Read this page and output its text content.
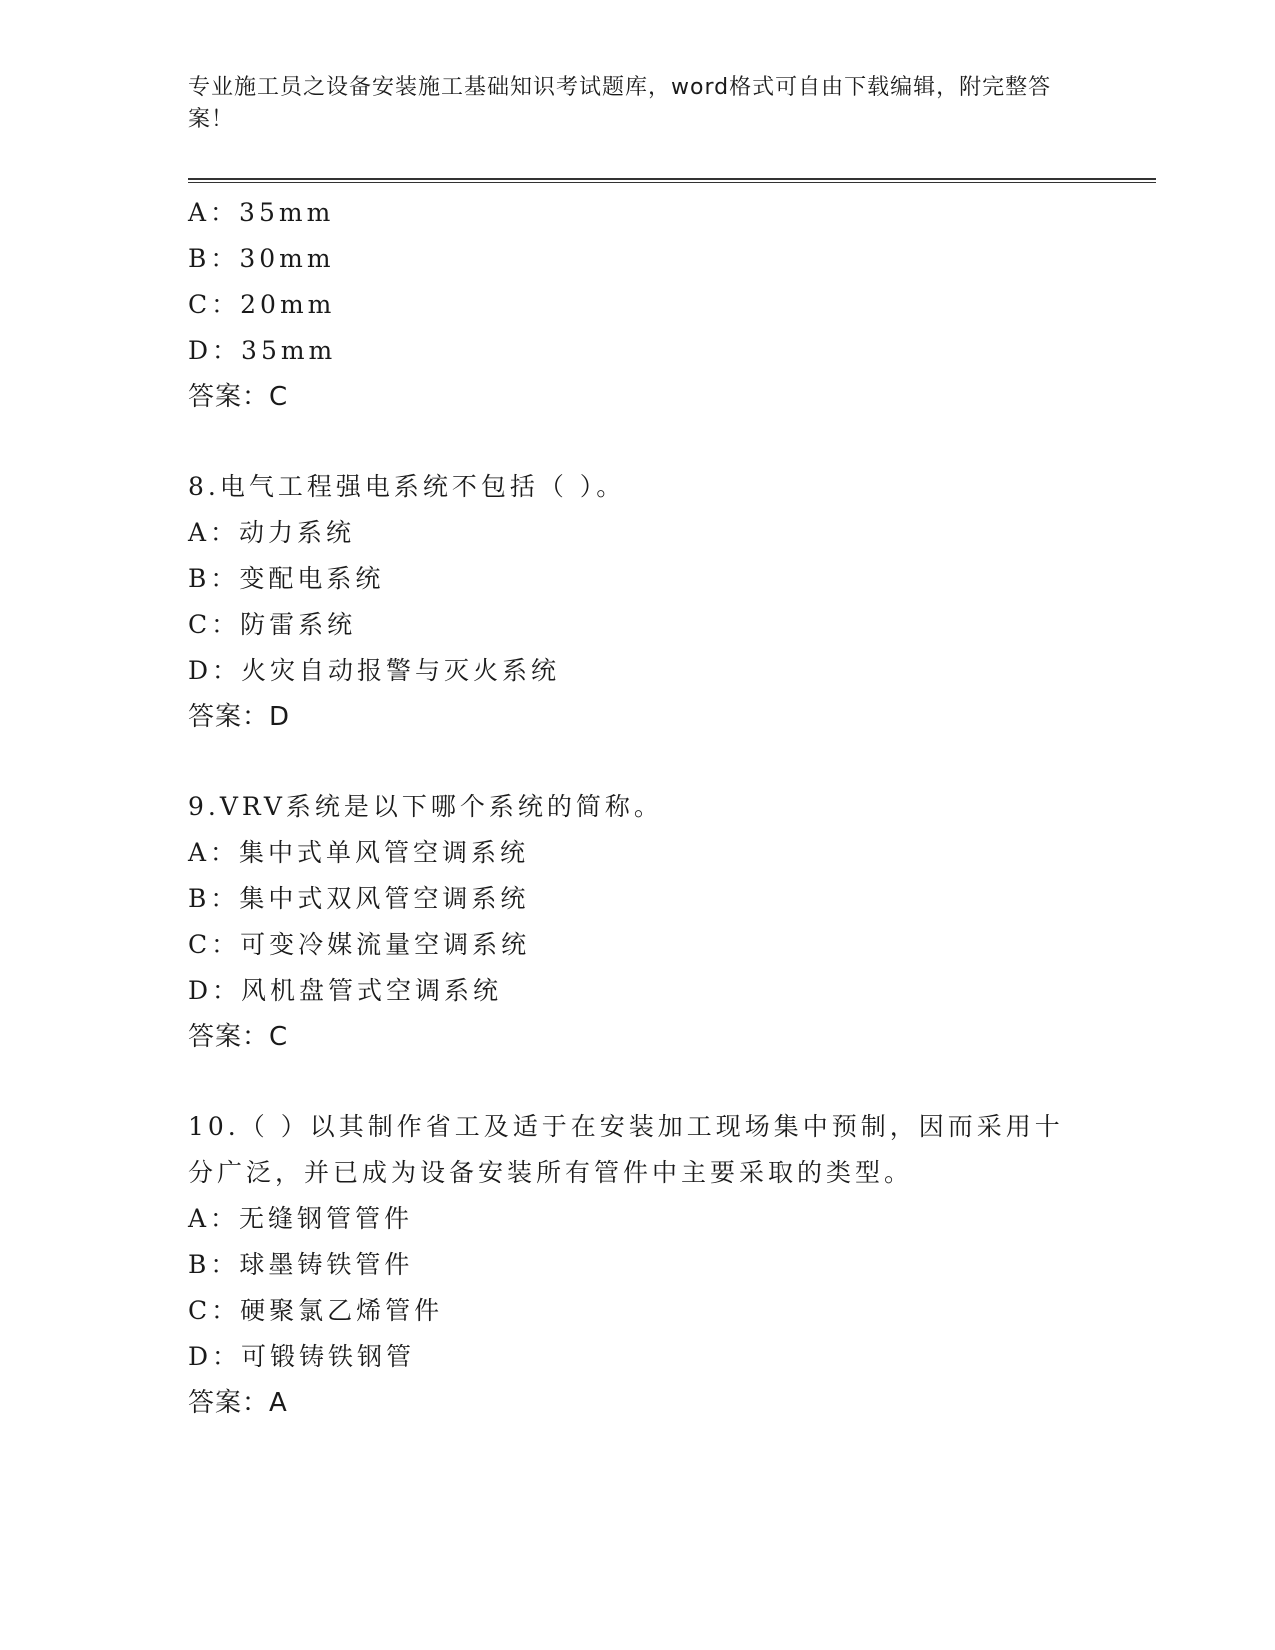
专业施工员之设备安装施工基础知识考试题库，word格式可自由下载编辑，附完整答案！
A：35mm
B：30mm
C：20mm
D：35mm
答案：C
8.电气工程强电系统不包括（ ）。
A：动力系统
B：变配电系统
C：防雷系统
D：火灾自动报警与灭火系统
答案：D
9.VRV系统是以下哪个系统的简称。
A：集中式单风管空调系统
B：集中式双风管空调系统
C：可变冷媒流量空调系统
D：风机盘管式空调系统
答案：C
10.（ ）以其制作省工及适于在安装加工现场集中预制，因而采用十分广泛，并已成为设备安装所有管件中主要采取的类型。
A：无缝钢管管件
B：球墨铸铁管件
C：硬聚氯乙烯管件
D：可锻铸铁钢管
答案：A
